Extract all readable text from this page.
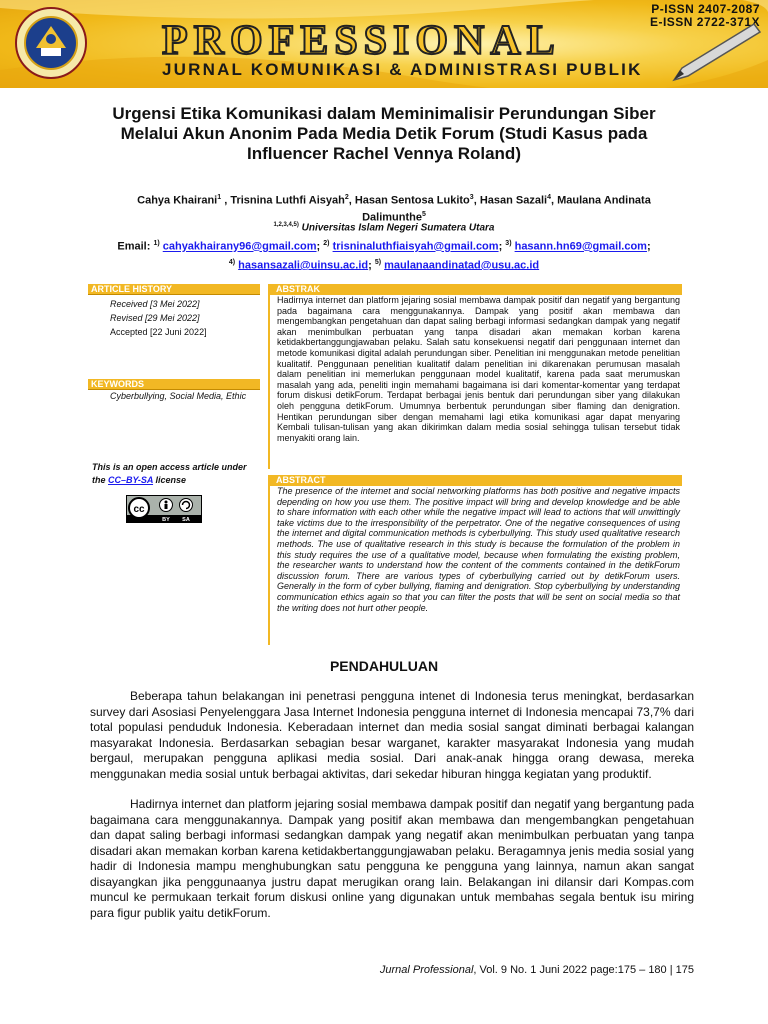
P-ISSN 2407-2087
E-ISSN 2722-371X
PROFESSIONAL
JURNAL KOMUNIKASI & ADMINISTRASI PUBLIK
Urgensi Etika Komunikasi dalam Meminimalisir Perundungan Siber Melalui Akun Anonim Pada Media Detik Forum (Studi Kasus pada Influencer Rachel Vennya Roland)
Cahya Khairani$^1$ , Trisnina Luthfi Aisyah$^2$, Hasan Sentosa Lukito$^3$, Hasan Sazali$^4$, Maulana Andinata Dalimunthe$^5$
$^{1,2,3,4,5)}$ Universitas Islam Negeri Sumatera Utara
Email: $^{1)}$ cahyakhairany96@gmail.com; $^{2)}$ trisninaluthfiaisyah@gmail.com; $^{3)}$ hasann.hn69@gmail.com;
$^{4)}$ hasansazali@uinsu.ac.id; $^{5)}$ maulanaandinatad@usu.ac.id
ARTICLE HISTORY
Received [3 Mei 2022]
Revised [29 Mei 2022]
Accepted [22 Juni 2022]
KEYWORDS
Cyberbullying, Social Media, Ethic
This is an open access article under the CC–BY-SA license
cc
BY SA
ABSTRAK
Hadirnya internet dan platform jejaring sosial membawa dampak positif dan negatif yang bergantung pada bagaimana cara menggunakannya. Dampak yang positif akan membawa dan mengembangkan pengetahuan dan dapat saling berbagi informasi sedangkan dampak yang negatif akan menimbulkan perbuatan yang tanpa disadari akan memakan korban karena ketidakbertanggungjawaban pelaku. Salah satu konsekuensi negatif dari penggunaan internet dan metode komunikasi digital adalah perundungan siber. Penelitian ini menggunakan metode penelitian kualitatif. Penggunaan penelitian kualitatif dalam penelitian ini dikarenakan perumusan masalah dalam penelitian ini memerlukan penggunaan model kualitatif, karena pada saat merumuskan masalah yang ada, peneliti ingin memahami bagaimana isi dari komentar-komentar yang terdapat forum diskusi detikForum. Terdapat berbagai jenis bentuk dari perundungan siber yang dilakukan oleh pengguna detikForum. Umumnya berbentuk perundungan siber flaming dan denigration. Hentikan perundungan siber dengan memahami lagi etika komunikasi agar dapat menyaring Kembali tulisan-tulisan yang akan dikirimkan dalam media sosial sehingga tulisan tersebut tidak menyakiti orang lain.
ABSTRACT
The presence of the internet and social networking platforms has both positive and negative impacts depending on how you use them. The positive impact will bring and develop knowledge and be able to share information with each other while the negative impact will lead to actions that will unwittingly take victims due to the irresponsibility of the perpetrator. One of the negative consequences of using the internet and digital communication methods is cyberbullying. This study used qualitative research methods. The use of qualitative research in this study is because the formulation of the problem in this study requires the use of a qualitative model, because when formulating the existing problem, the researcher wants to understand how the content of the comments contained in the detikForum discussion forum. There are various types of cyberbullying carried out by detikForum users. Generally in the form of cyber bullying, flaming and denigration. Stop cyberbullying by understanding communication ethics again so that you can filter the posts that will be sent on social media so that the writing does not hurt other people.
PENDAHULUAN

Beberapa tahun belakangan ini penetrasi pengguna intenet di Indonesia terus meningkat, berdasarkan survey dari Asosiasi Penyelenggara Jasa Internet Indonesia pengguna internet di Indonesia mencapai 73,7% dari total populasi penduduk Indonesia. Keberadaan internet dan media sosial sangat diminati berbagai kalangan masyarakat Indonesia. Berdasarkan sebagian besar warganet, karakter masyarakat Indonesia yang mudah bergaul, merupakan pengguna aplikasi media sosial. Dari anak-anak hingga orang dewasa, mereka menggunakan media sosial untuk berbagai aktivitas, dari sekedar hiburan hingga kegiatan yang produktif.

Hadirnya internet dan platform jejaring sosial membawa dampak positif dan negatif yang bergantung pada bagaimana cara menggunakannya. Dampak yang positif akan membawa dan mengembangkan pengetahuan dan dapat saling berbagi informasi sedangkan dampak yang negatif akan menimbulkan perbuatan yang tanpa disadari akan memakan korban karena ketidakbertanggungjawaban pelaku. Beragamnya jenis media sosial yang hadir di Indonesia mampu menghubungkan satu pengguna ke pengguna yang lainnya, namun akan sangat disayangkan jika penggunaanya justru dapat merugikan orang lain. Belakangan ini dilansir dari Kompas.com muncul ke permukaan terkait forum diskusi online yang digunakan untuk membahas segala bentuk isu miring para figur publik yaitu detikForum.

Jurnal Professional, Vol. 9 No. 1 Juni 2022 page:175 – 180 | 175
